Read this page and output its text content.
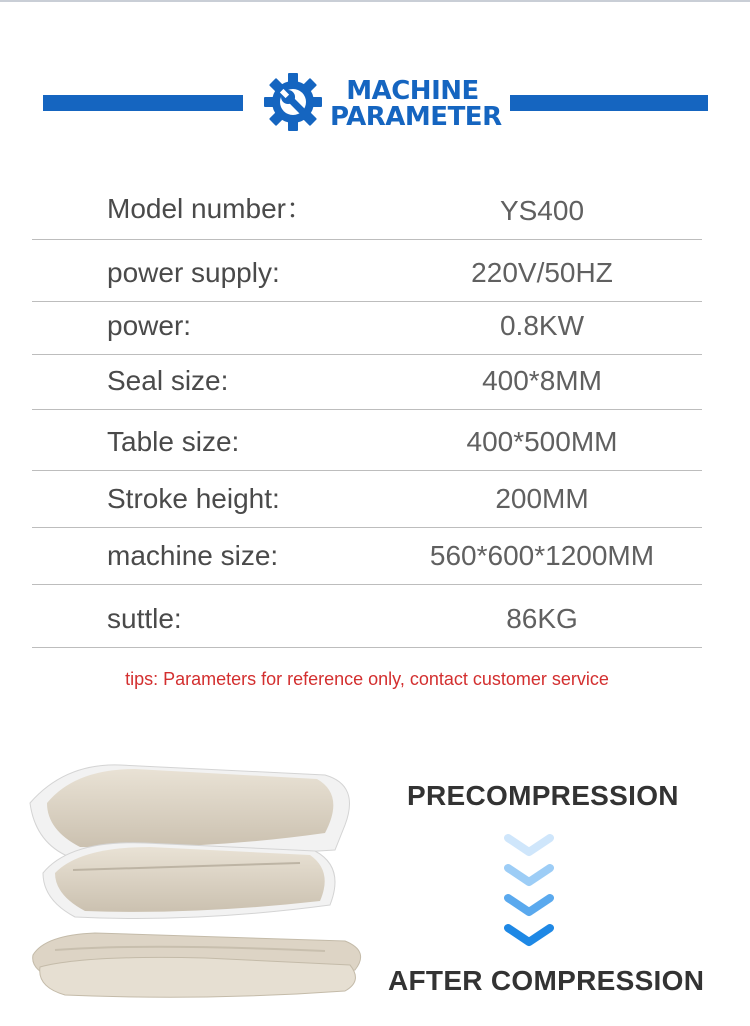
MACHINE
PARAMETER
Model number：	YS400
power supply:	220V/50HZ
power:	0.8KW
Seal size:	400*8MM
Table size:	400*500MM
Stroke height:	200MM
machine size:	560*600*1200MM
suttle:	86KG
tips: Parameters for reference only, contact customer service
PRECOMPRESSION
AFTER COMPRESSION
